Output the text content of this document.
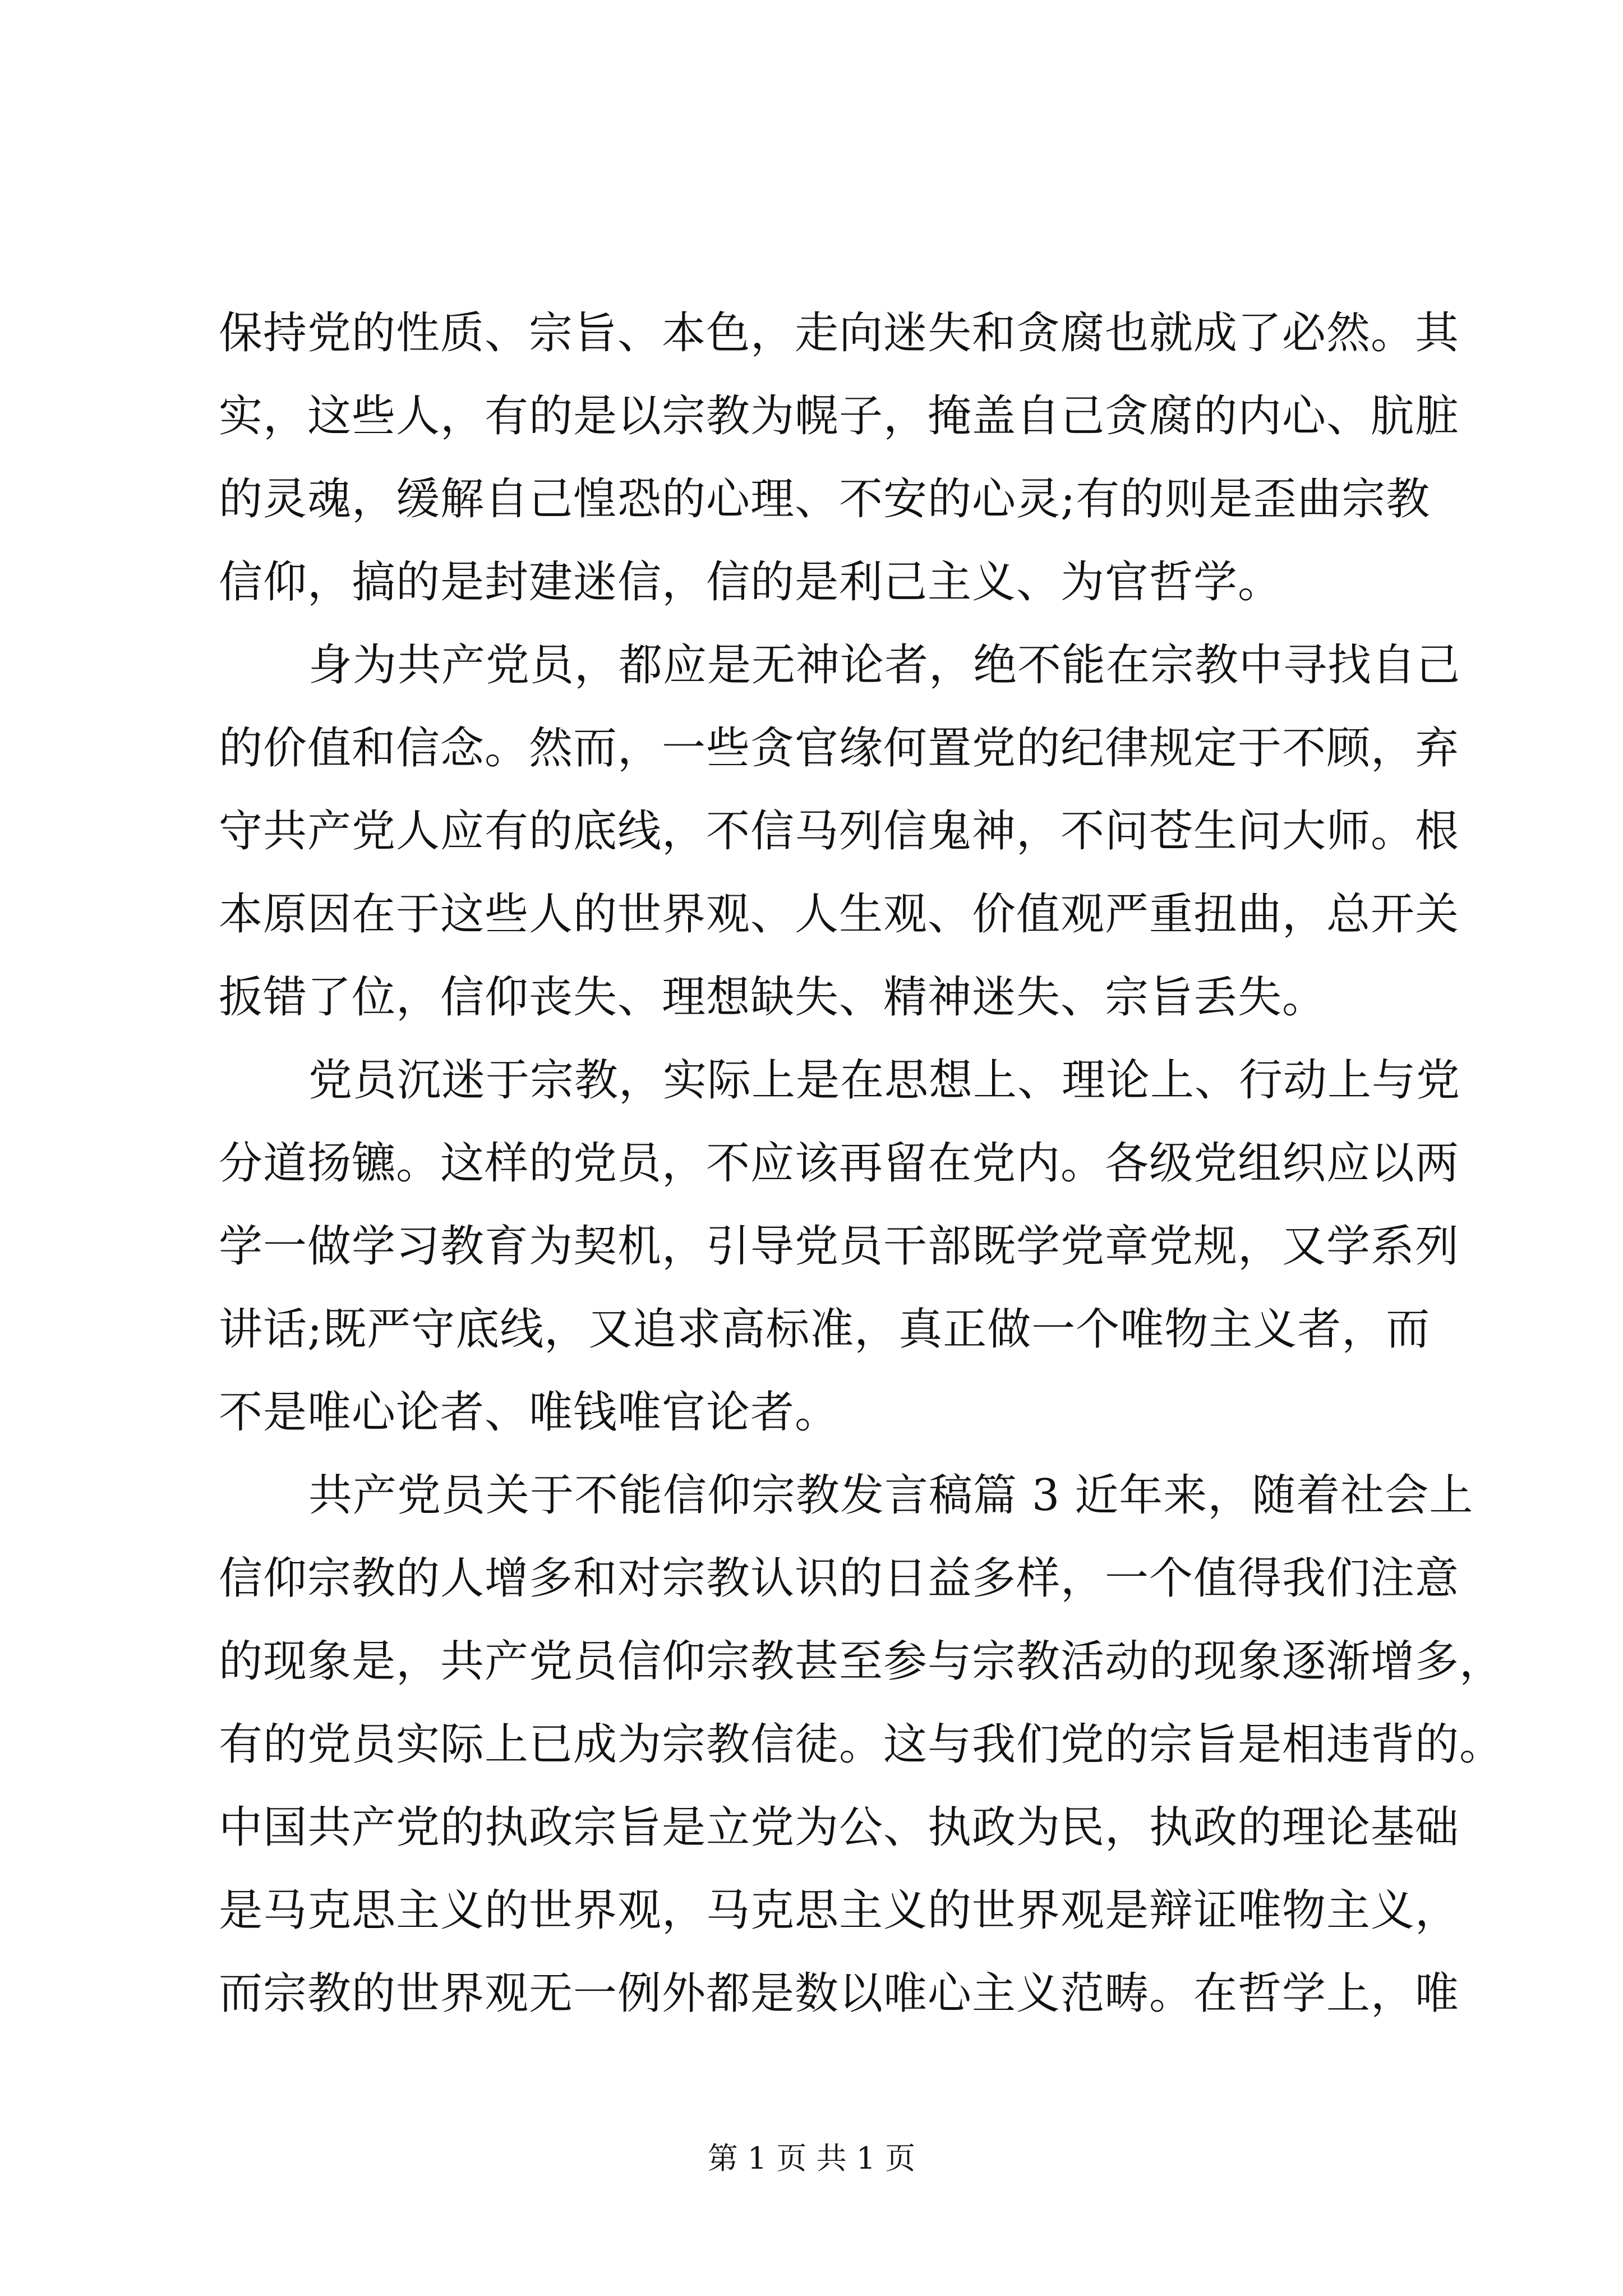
保持党的性质、宗旨、本色，走向迷失和贪腐也就成了必然。其
实，这些人，有的是以宗教为幌子，掩盖自己贪腐的内心、肮脏
的灵魂，缓解自己惶恐的心理、不安的心灵;有的则是歪曲宗教
信仰，搞的是封建迷信，信的是利己主义、为官哲学。
身为共产党员，都应是无神论者，绝不能在宗教中寻找自己
的价值和信念。然而，一些贪官缘何置党的纪律规定于不顾，弃
守共产党人应有的底线，不信马列信鬼神，不问苍生问大师。根
本原因在于这些人的世界观、人生观、价值观严重扭曲，总开关
扳错了位，信仰丧失、理想缺失、精神迷失、宗旨丢失。
党员沉迷于宗教，实际上是在思想上、理论上、行动上与党
分道扬镳。这样的党员，不应该再留在党内。各级党组织应以两
学一做学习教育为契机，引导党员干部既学党章党规，又学系列
讲话;既严守底线，又追求高标准，真正做一个唯物主义者，而
不是唯心论者、唯钱唯官论者。
共产党员关于不能信仰宗教发言稿篇 3 近年来，随着社会上
信仰宗教的人增多和对宗教认识的日益多样，一个值得我们注意
的现象是，共产党员信仰宗教甚至参与宗教活动的现象逐渐增多，
有的党员实际上已成为宗教信徒。这与我们党的宗旨是相违背的。
中国共产党的执政宗旨是立党为公、执政为民，执政的理论基础
是马克思主义的世界观，马克思主义的世界观是辩证唯物主义，
而宗教的世界观无一例外都是数以唯心主义范畴。在哲学上，唯
第 1 页 共 1 页
